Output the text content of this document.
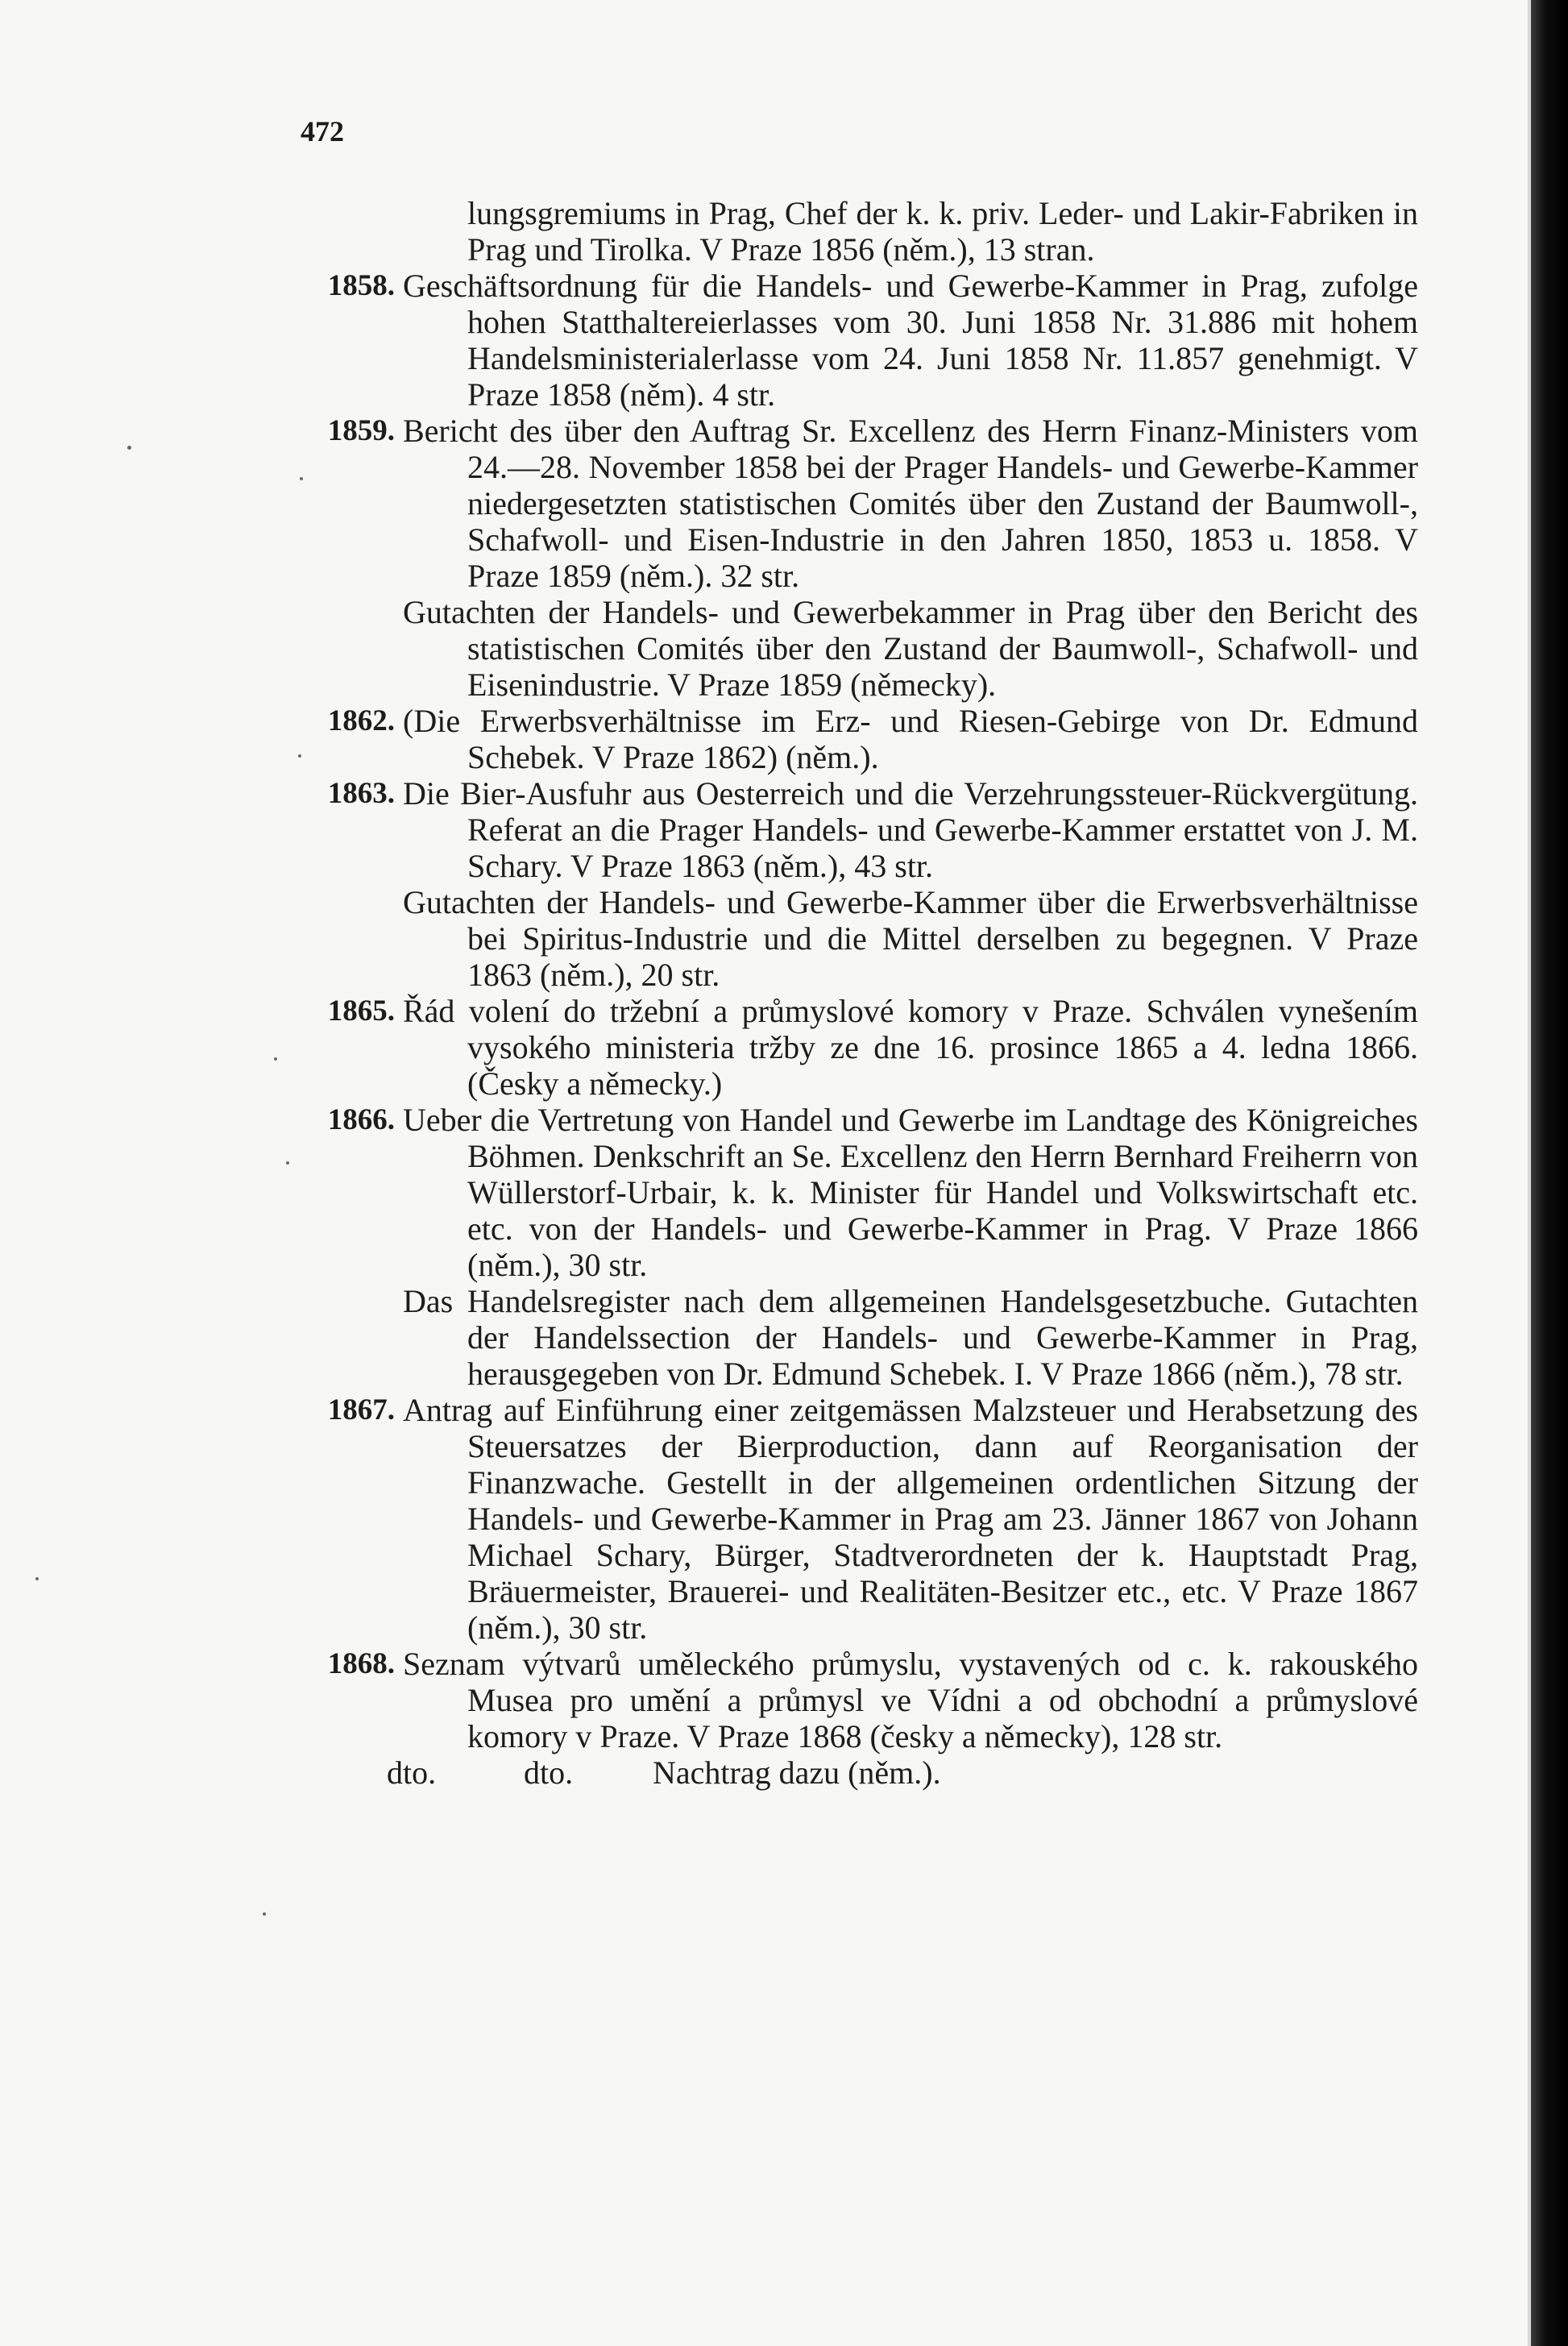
472
lungsgremiums in Prag, Chef der k. k. priv. Leder- und Lakir-Fabriken in Prag und Tirolka. V Praze 1856 (něm.), 13 stran.
1858. Geschäftsordnung für die Handels- und Gewerbe-Kammer in Prag, zufolge hohen Statthaltereierlasses vom 30. Juni 1858 Nr. 31.886 mit hohem Handelsministerialerlasse vom 24. Juni 1858 Nr. 11.857 genehmigt. V Praze 1858 (něm). 4 str.
1859. Bericht des über den Auftrag Sr. Excellenz des Herrn Finanz-Ministers vom 24.—28. November 1858 bei der Prager Handels- und Gewerbe-Kammer niedergesetzten statistischen Comités über den Zustand der Baumwoll-, Schafwoll- und Eisen-Industrie in den Jahren 1850, 1853 u. 1858. V Praze 1859 (něm.). 32 str.
Gutachten der Handels- und Gewerbekammer in Prag über den Bericht des statistischen Comités über den Zustand der Baumwoll-, Schafwoll- und Eisenindustrie. V Praze 1859 (německy).
1862. (Die Erwerbsverhältnisse im Erz- und Riesen-Gebirge von Dr. Edmund Schebek. V Praze 1862) (něm.).
1863. Die Bier-Ausfuhr aus Oesterreich und die Verzehrungssteuer-Rückvergütung. Referat an die Prager Handels- und Gewerbe-Kammer erstattet von J. M. Schary. V Praze 1863 (něm.), 43 str.
Gutachten der Handels- und Gewerbe-Kammer über die Erwerbsverhältnisse bei Spiritus-Industrie und die Mittel derselben zu begegnen. V Praze 1863 (něm.), 20 str.
1865. Řád volení do tržební a průmyslové komory v Praze. Schválen vynešením vysokého ministeria tržby ze dne 16. prosince 1865 a 4. ledna 1866. (Česky a německy.)
1866. Ueber die Vertretung von Handel und Gewerbe im Landtage des Königreiches Böhmen. Denkschrift an Se. Excellenz den Herrn Bernhard Freiherrn von Wüllerstorf-Urbair, k. k. Minister für Handel und Volkswirtschaft etc. etc. von der Handels- und Gewerbe-Kammer in Prag. V Praze 1866 (něm.), 30 str.
Das Handelsregister nach dem allgemeinen Handelsgesetzbuche. Gutachten der Handelssection der Handels- und Gewerbe-Kammer in Prag, herausgegeben von Dr. Edmund Schebek. I. V Praze 1866 (něm.), 78 str.
1867. Antrag auf Einführung einer zeitgemässen Malzsteuer und Herabsetzung des Steuersatzes der Bierproduction, dann auf Reorganisation der Finanzwache. Gestellt in der allgemeinen ordentlichen Sitzung der Handels- und Gewerbe-Kammer in Prag am 23. Jänner 1867 von Johann Michael Schary, Bürger, Stadtverordneten der k. Hauptstadt Prag, Bräuermeister, Brauerei- und Realitäten-Besitzer etc., etc. V Praze 1867 (něm.), 30 str.
1868. Seznam výtvarů uměleckého průmyslu, vystavených od c. k. rakouského Musea pro umění a průmysl ve Vídni a od obchodní a průmyslové komory v Praze. V Praze 1868 (česky a německy), 128 str.
dto.	dto.	Nachtrag dazu (něm.).
